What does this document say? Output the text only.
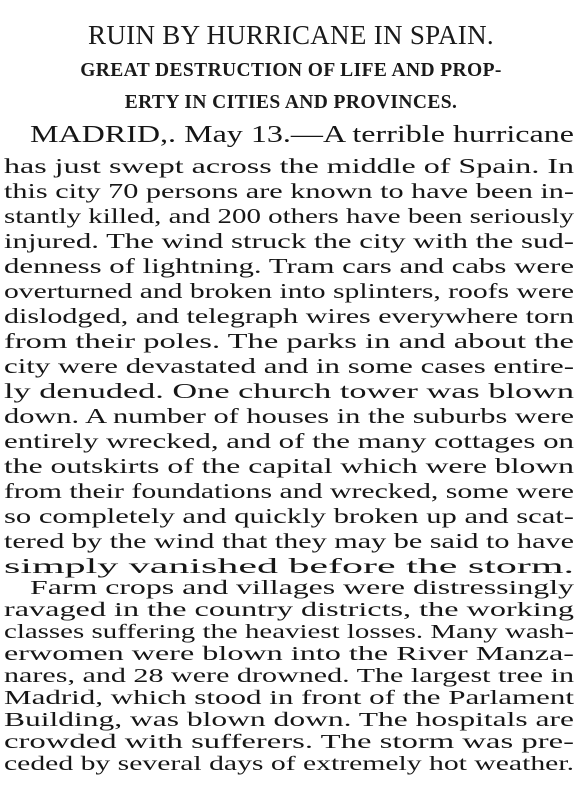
RUIN BY HURRICANE IN SPAIN.
GREAT DESTRUCTION OF LIFE AND PROP-
ERTY IN CITIES AND PROVINCES.
MADRID,. May 13.—A terrible hurricane
has just swept across the middle of Spain. In
this city 70 persons are known to have been in-
stantly killed, and 200 others have been seriously
injured. The wind struck the city with the sud-
denness of lightning. Tram cars and cabs were
overturned and broken into splinters, roofs were
dislodged, and telegraph wires everywhere torn
from their poles. The parks in and about the
city were devastated and in some cases entire-
ly denuded. One church tower was blown
down. A number of houses in the suburbs were
entirely wrecked, and of the many cottages on
the outskirts of the capital which were blown
from their foundations and wrecked, some were
so completely and quickly broken up and scat-
tered by the wind that they may be said to have
simply vanished before the storm.
Farm crops and villages were distressingly
ravaged in the country districts, the working
classes suffering the heaviest losses. Many wash-
erwomen were blown into the River Manza-
nares, and 28 were drowned. The largest tree in
Madrid, which stood in front of the Parlament
Building, was blown down. The hospitals are
crowded with sufferers. The storm was pre-
ceded by several days of extremely hot weather.
